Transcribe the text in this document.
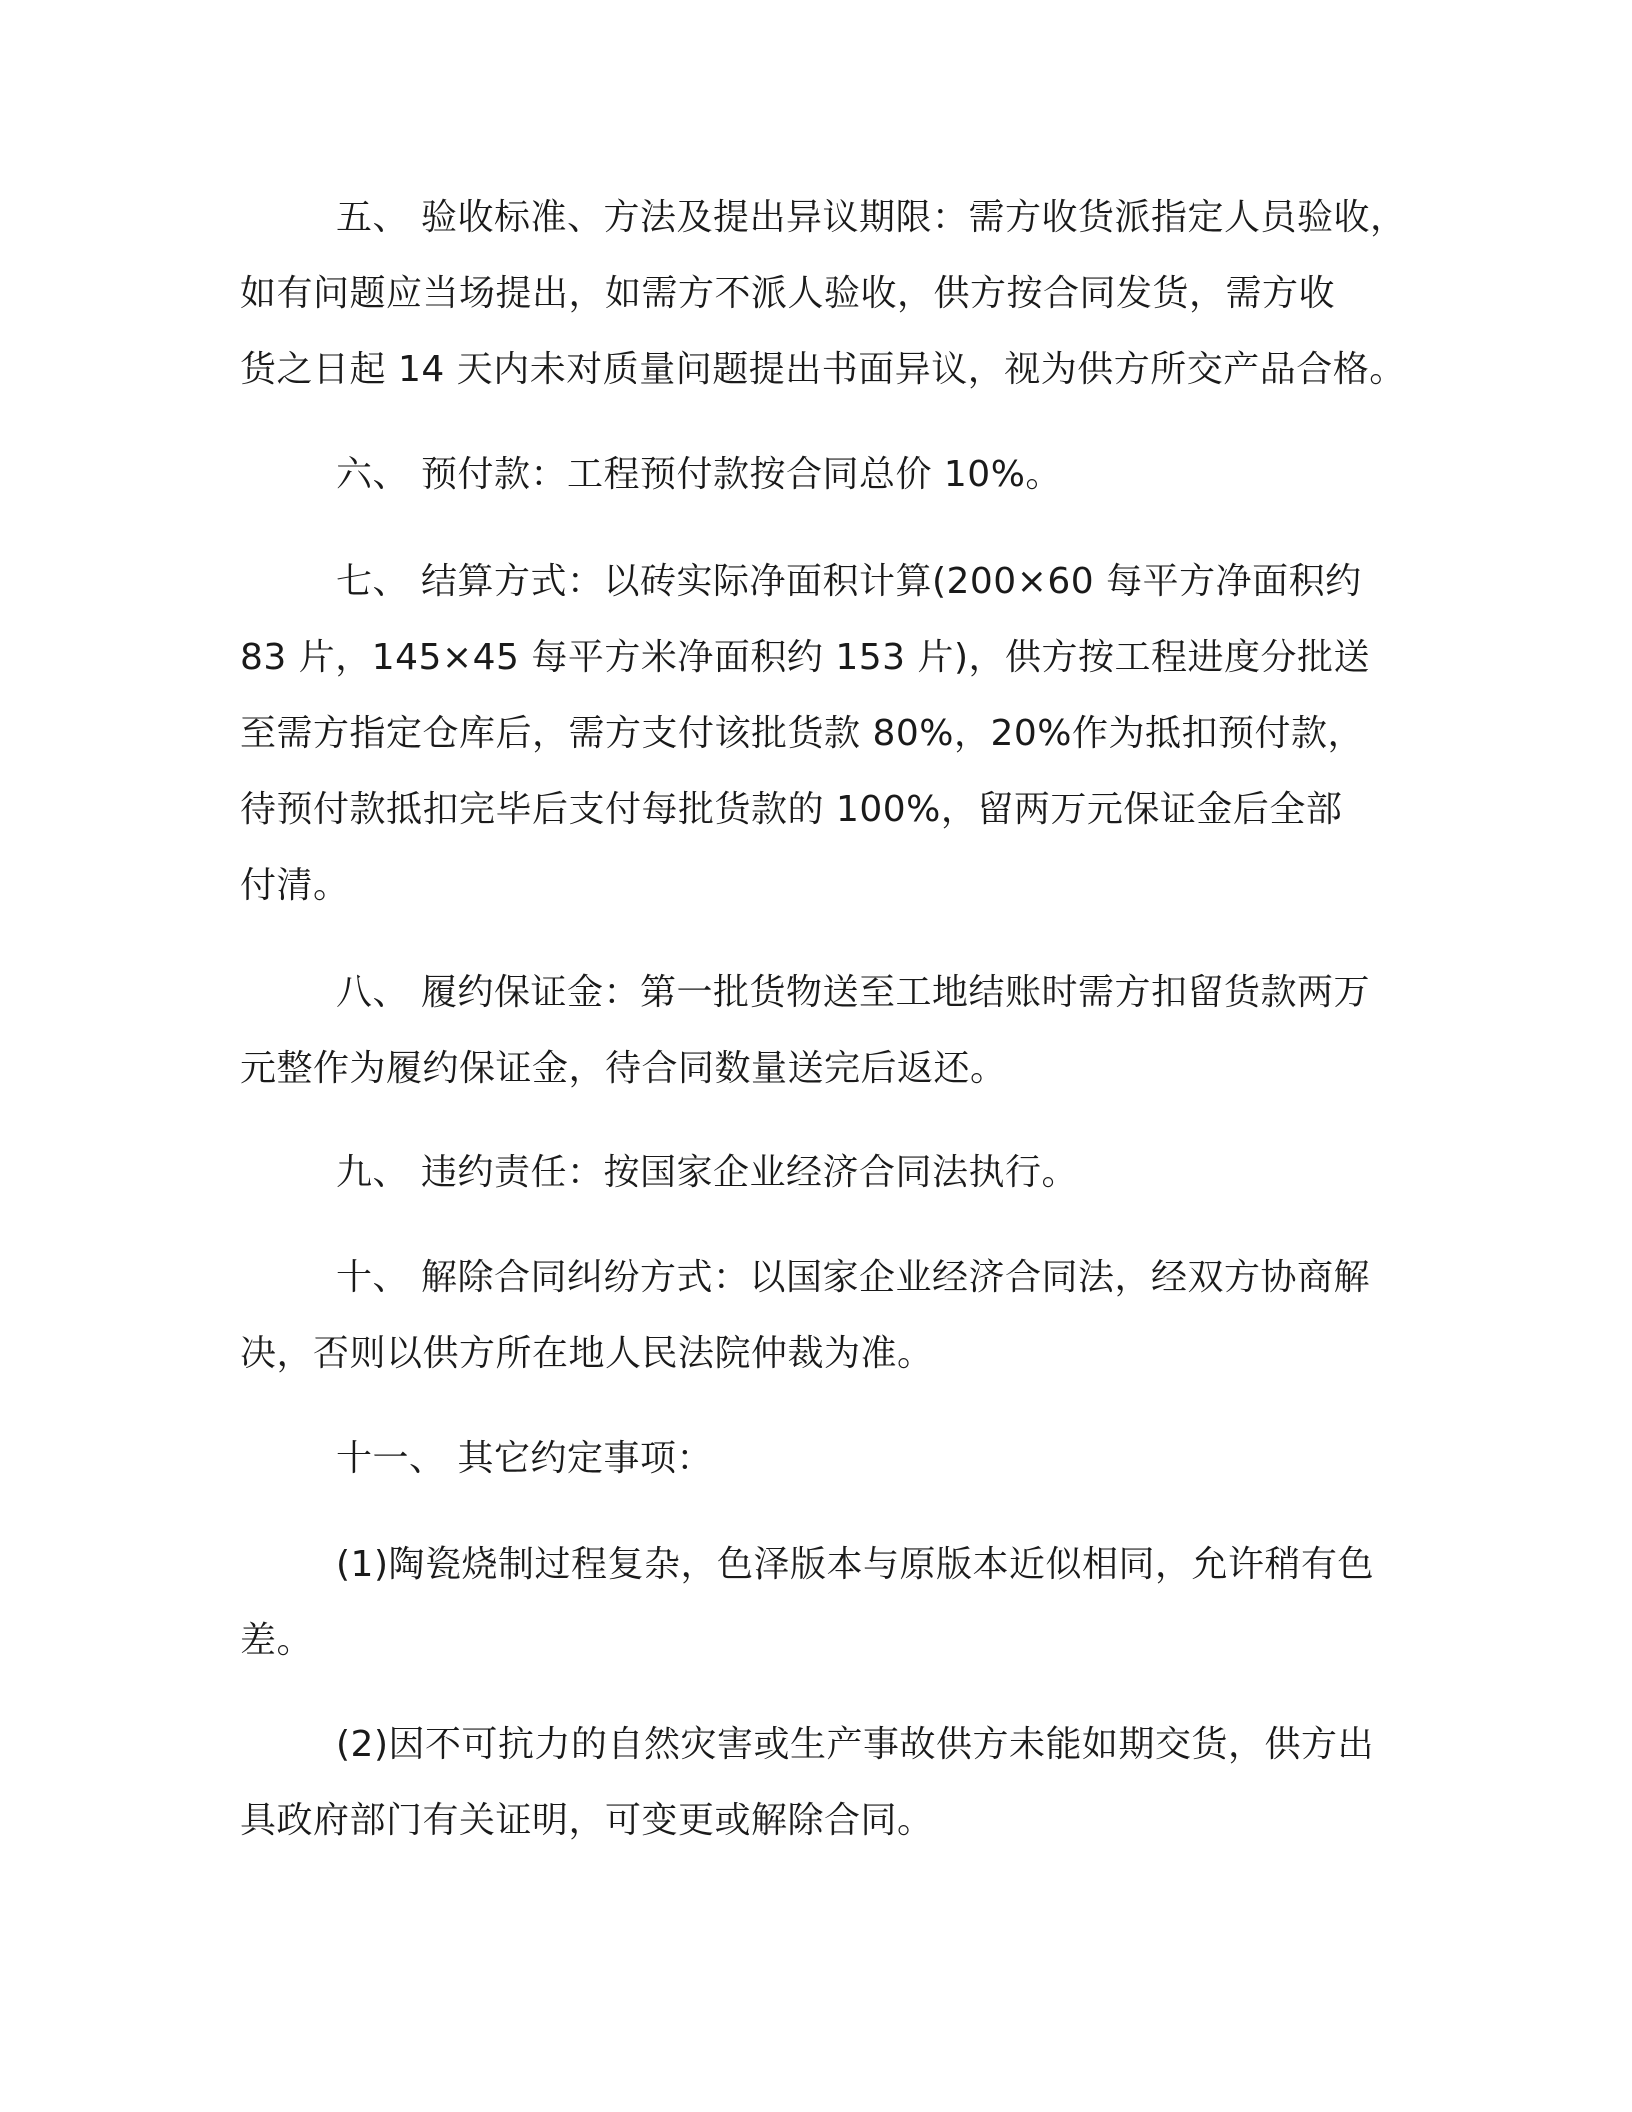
五、 验收标准、方法及提出异议期限：需方收货派指定人员验收，
如有问题应当场提出，如需方不派人验收，供方按合同发货，需方收
货之日起 14 天内未对质量问题提出书面异议，视为供方所交产品合格。
六、 预付款：工程预付款按合同总价 10%。
七、 结算方式：以砖实际净面积计算(200×60 每平方净面积约
83 片，145×45 每平方米净面积约 153 片)，供方按工程进度分批送
至需方指定仓库后，需方支付该批货款 80%，20%作为抵扣预付款，
待预付款抵扣完毕后支付每批货款的 100%，留两万元保证金后全部
付清。
八、 履约保证金：第一批货物送至工地结账时需方扣留货款两万
元整作为履约保证金，待合同数量送完后返还。
九、 违约责任：按国家企业经济合同法执行。
十、 解除合同纠纷方式：以国家企业经济合同法，经双方协商解
决，否则以供方所在地人民法院仲裁为准。
十一、 其它约定事项：
(1)陶瓷烧制过程复杂，色泽版本与原版本近似相同，允许稍有色
差。
(2)因不可抗力的自然灾害或生产事故供方未能如期交货，供方出
具政府部门有关证明，可变更或解除合同。
